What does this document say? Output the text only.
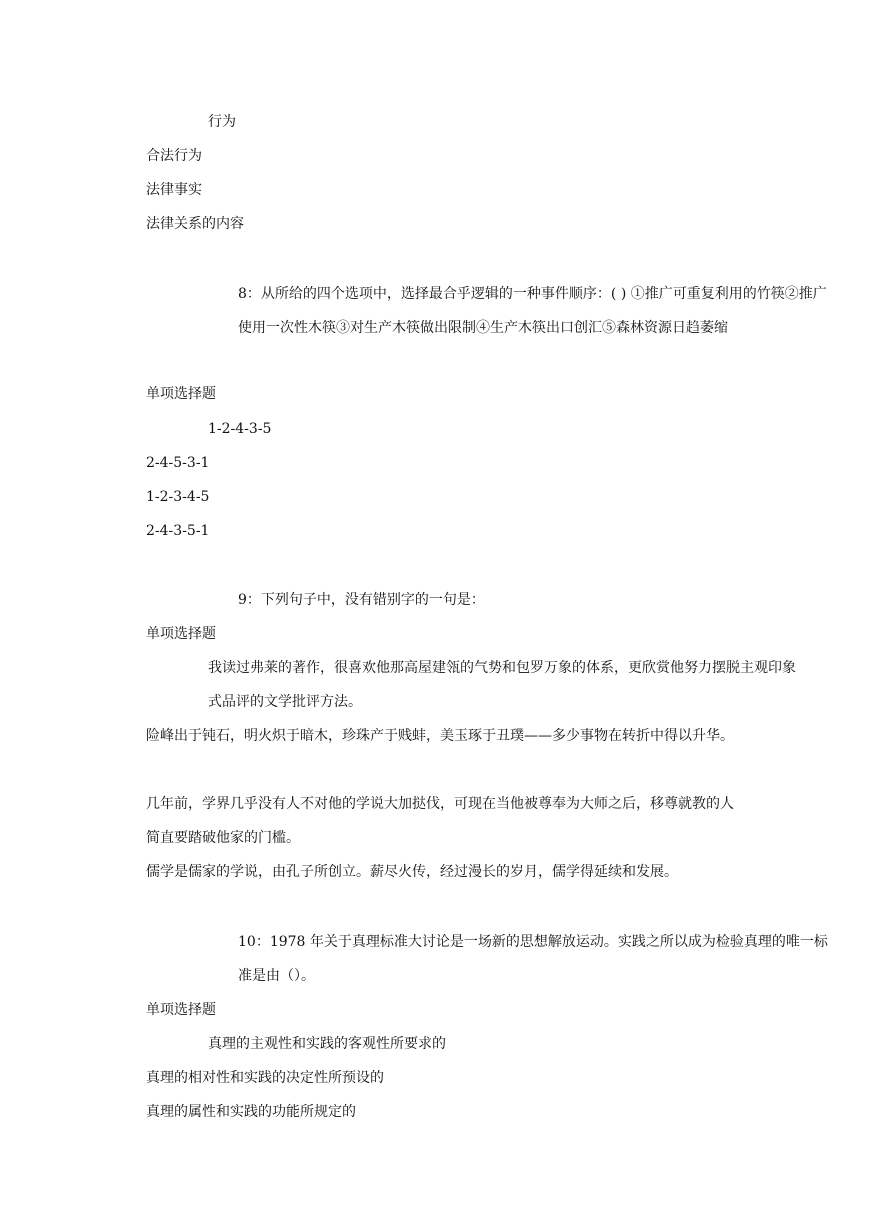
行为
合法行为
法律事实
法律关系的内容
8：从所给的四个选项中，选择最合乎逻辑的一种事件顺序：( ) ①推广可重复利用的竹筷②推广使用一次性木筷③对生产木筷做出限制④生产木筷出口创汇⑤森林资源日趋萎缩
单项选择题
1-2-4-3-5
2-4-5-3-1
1-2-3-4-5
2-4-3-5-1
9：下列句子中，没有错别字的一句是：
单项选择题
我读过弗莱的著作，很喜欢他那高屋建瓴的气势和包罗万象的体系，更欣赏他努力摆脱主观印象式品评的文学批评方法。
险峰出于钝石，明火炽于暗木，珍珠产于贱蚌，美玉琢于丑璞——多少事物在转折中得以升华。
几年前，学界几乎没有人不对他的学说大加挞伐，可现在当他被尊奉为大师之后，移尊就教的人简直要踏破他家的门槛。
儒学是儒家的学说，由孔子所创立。薪尽火传，经过漫长的岁月，儒学得延续和发展。
10：1978 年关于真理标准大讨论是一场新的思想解放运动。实践之所以成为检验真理的唯一标准是由（）。
单项选择题
真理的主观性和实践的客观性所要求的
真理的相对性和实践的决定性所预设的
真理的属性和实践的功能所规定的
